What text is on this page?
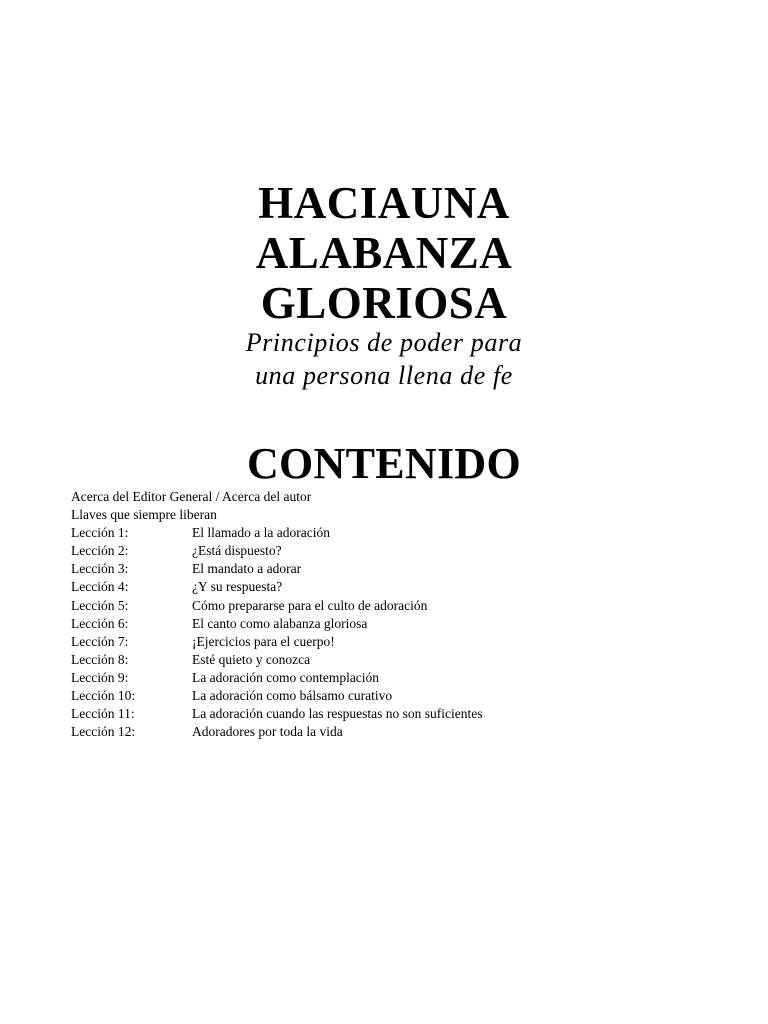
HACIAUNA
ALABANZA
GLORIOSA
Principios de poder para
una persona llena de fe
CONTENIDO
Acerca del Editor General / Acerca del autor
Llaves que siempre liberan
Lección 1:	El llamado a la adoración
Lección 2:	¿Está dispuesto?
Lección 3:	El mandato a adorar
Lección 4:	¿Y su respuesta?
Lección 5:	Cómo prepararse para el culto de adoración
Lección 6:	El canto como alabanza gloriosa
Lección 7:	¡Ejercicios para el cuerpo!
Lección 8:	Esté quieto y conozca
Lección 9:	La adoración como contemplación
Lección 10:	La adoración como bálsamo curativo
Lección 11:	La adoración cuando las respuestas no son suficientes
Lección 12:	Adoradores por toda la vida
